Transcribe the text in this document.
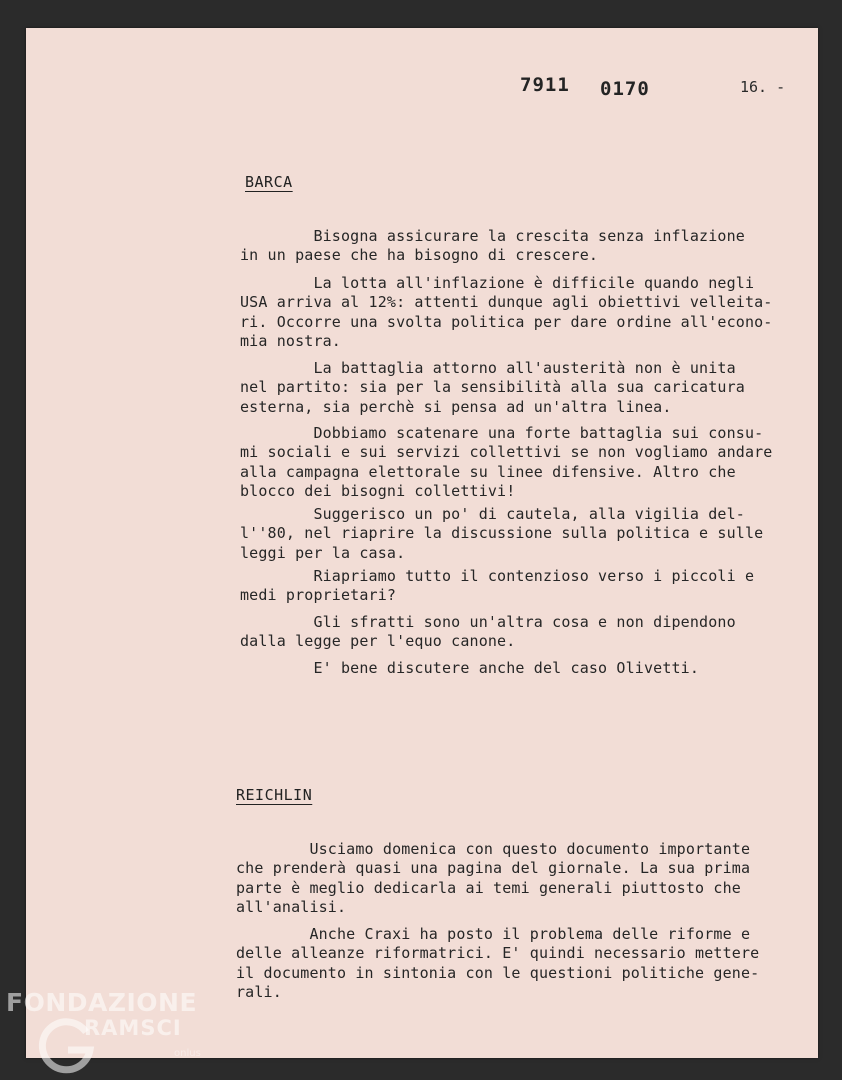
7911 0170	16. -
BARCA

Bisogna assicurare la crescita senza inflazione
in un paese che ha bisogno di crescere.

La lotta all'inflazione è difficile quando negli
USA arriva al 12%: attenti dunque agli obiettivi velleita-
ri. Occorre una svolta politica per dare ordine all'econo-
mia nostra.

La battaglia attorno all'austerità non è unita
nel partito: sia per la sensibilità alla sua caricatura
esterna, sia perchè si pensa ad un'altra linea.

Dobbiamo scatenare una forte battaglia sui consu-
mi sociali e sui servizi collettivi se non vogliamo andare
alla campagna elettorale su linee difensive. Altro che
blocco dei bisogni collettivi!

Suggerisco un po' di cautela, alla vigilia del-
l''80, nel riaprire la discussione sulla politica e sulle
leggi per la casa.

Riapriamo tutto il contenzioso verso i piccoli e
medi proprietari?

Gli sfratti sono un'altra cosa e non dipendono
dalla legge per l'equo canone.

E' bene discutere anche del caso Olivetti.

REICHLIN

Usciamo domenica con questo documento importante
che prenderà quasi una pagina del giornale. La sua prima
parte è meglio dedicarla ai temi generali piuttosto che
all'analisi.

Anche Craxi ha posto il problema delle riforme e
delle alleanze riformatrici. E' quindi necessario mettere
il documento in sintonia con le questioni politiche gene-
rali.

FONDAZIONE
RAMSCI
onlus
